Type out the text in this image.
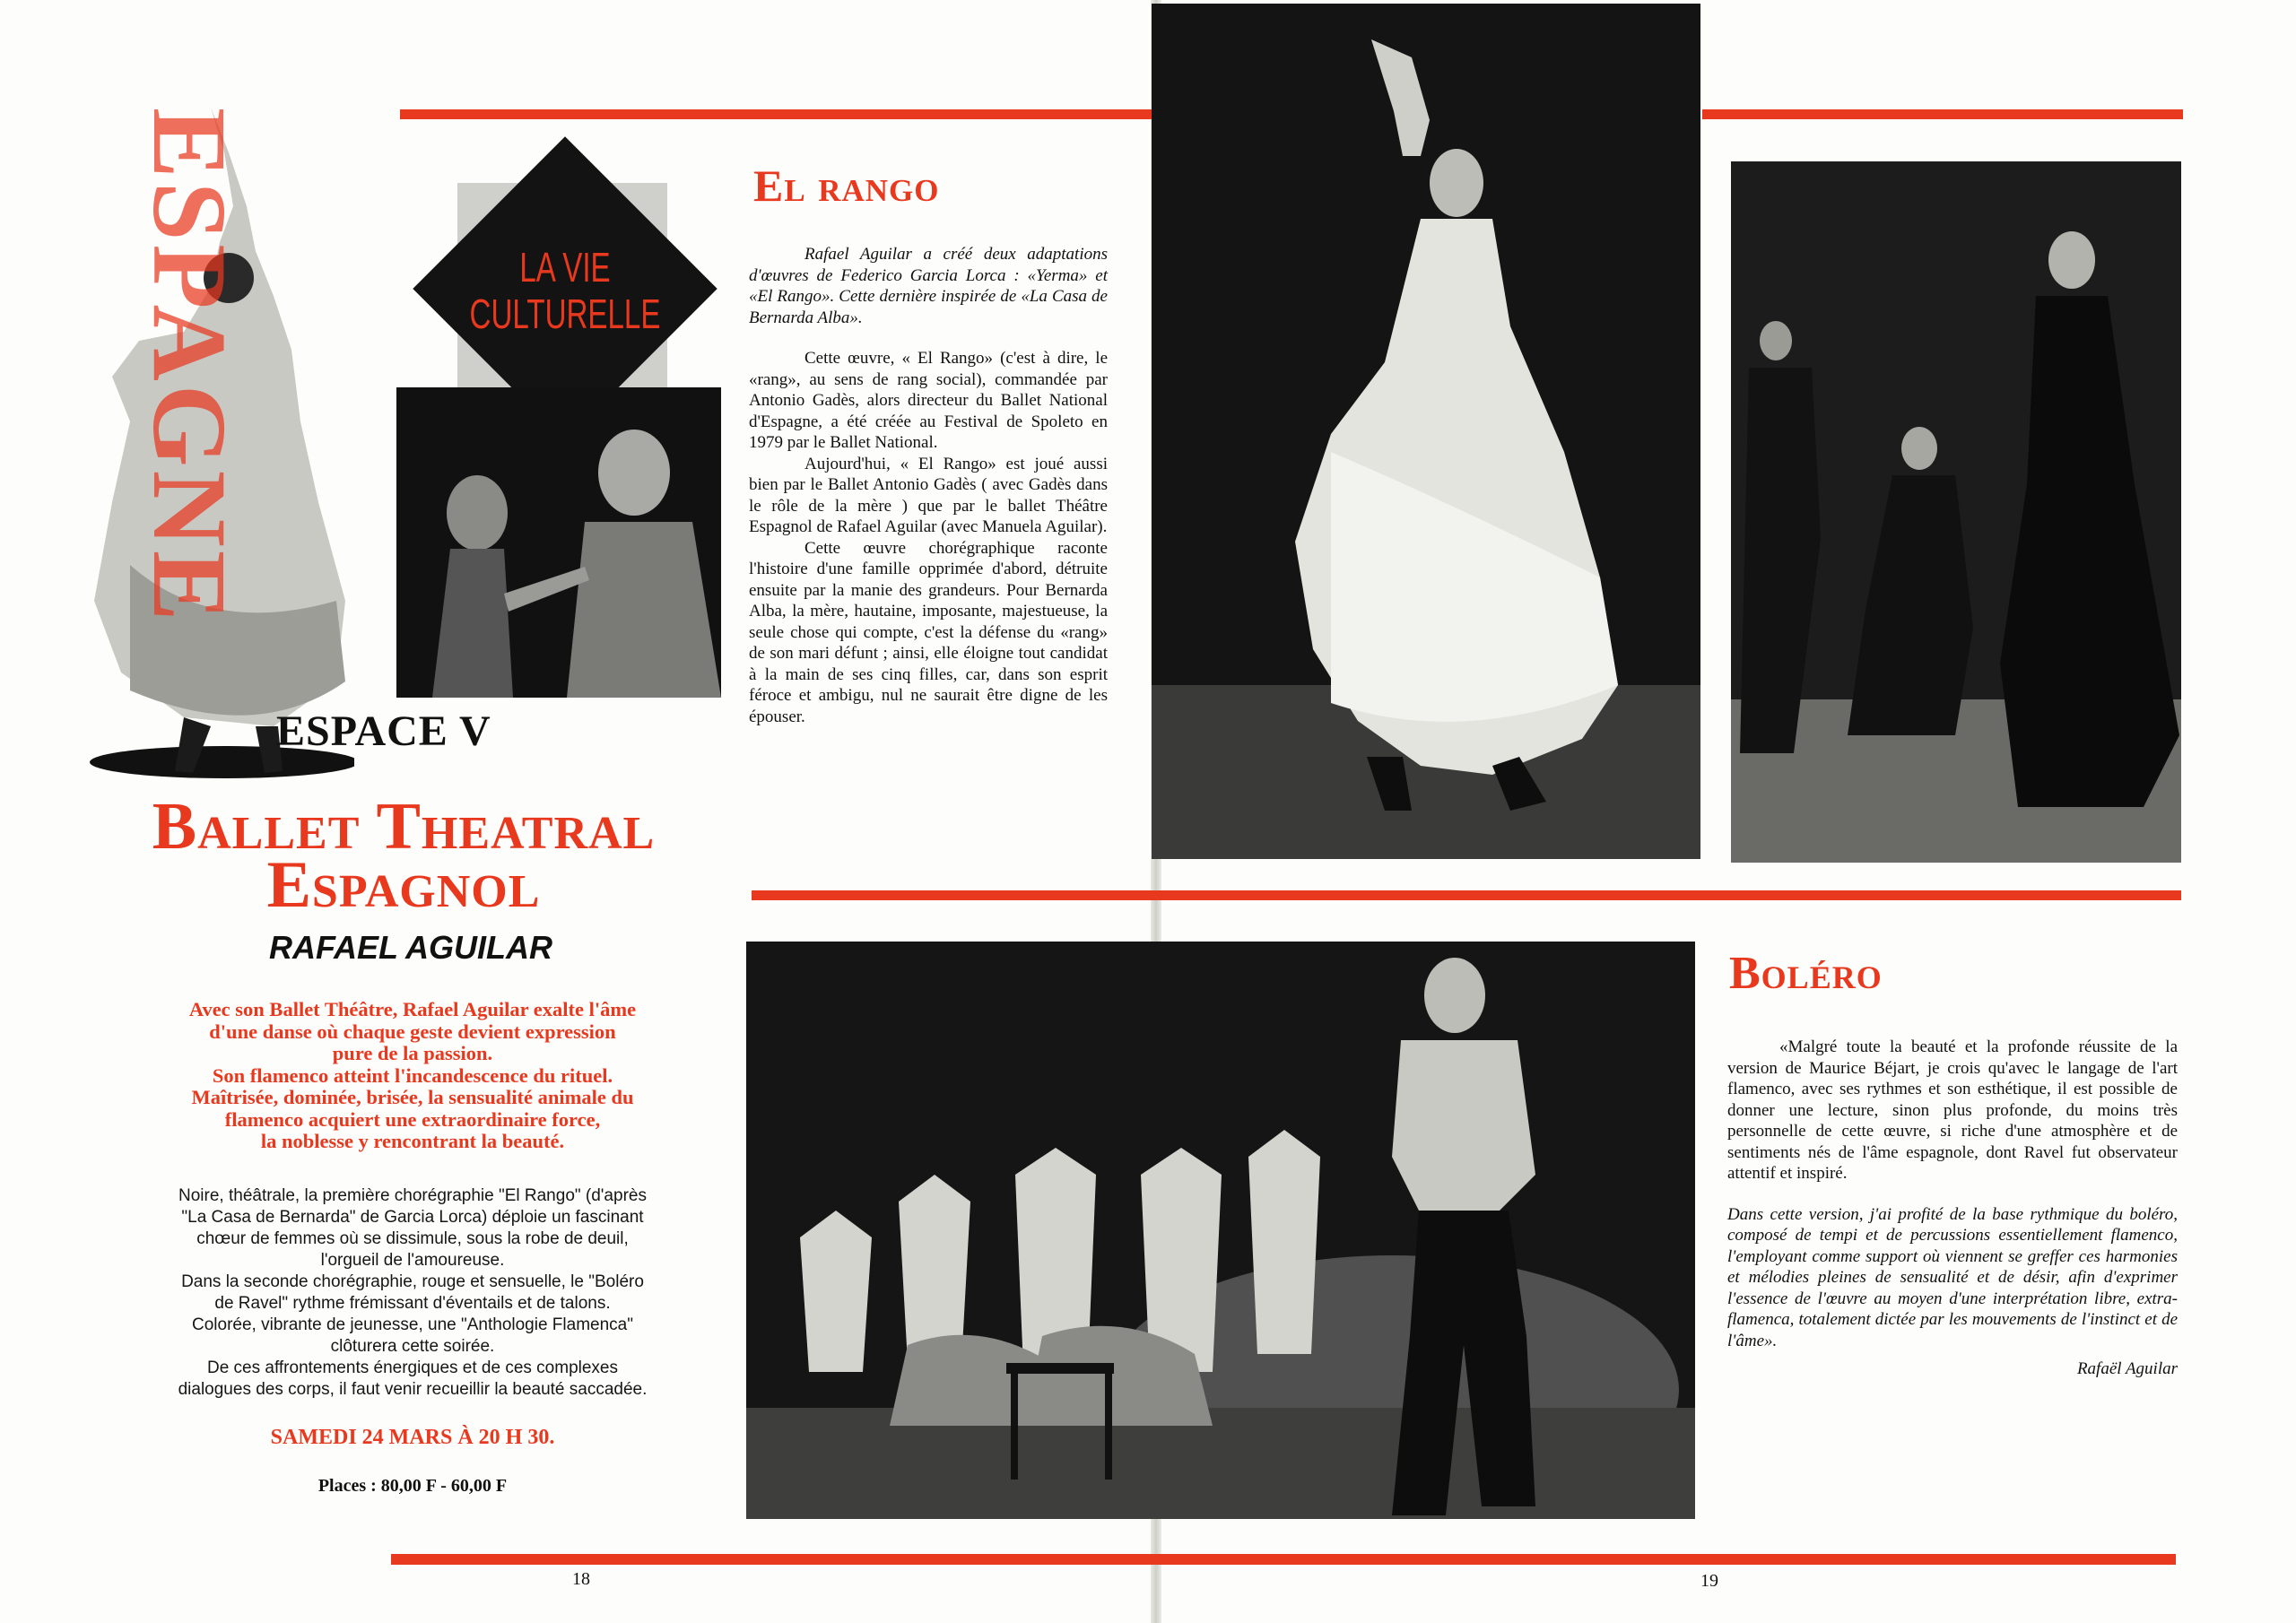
ESPAGNE	LA VIE
CULTURELLE
ESPACE V
Ballet Theatral
Espagnol
RAFAEL AGUILAR
Avec son Ballet Théâtre, Rafael Aguilar exalte l'âme
d'une danse où chaque geste devient expression
pure de la passion.
Son flamenco atteint l'incandescence du rituel.
Maîtrisée, dominée, brisée, la sensualité animale du
flamenco acquiert une extraordinaire force,
la noblesse y rencontrant la beauté.
Noire, théâtrale, la première chorégraphie "El Rango" (d'après
"La Casa de Bernarda" de Garcia Lorca) déploie un fascinant
chœur de femmes où se dissimule, sous la robe de deuil,
l'orgueil de l'amoureuse.
Dans la seconde chorégraphie, rouge et sensuelle, le "Boléro
de Ravel" rythme frémissant d'éventails et de talons.
Colorée, vibrante de jeunesse, une "Anthologie Flamenca"
clôturera cette soirée.
De ces affrontements énergiques et de ces complexes
dialogues des corps, il faut venir recueillir la beauté saccadée.
SAMEDI 24 MARS À 20 H 30.
Places : 80,00 F - 60,00 F
18
El rango

Rafael Aguilar a créé deux adaptations d'œuvres de Federico Garcia Lorca : «Yerma» et «El Rango». Cette dernière inspirée de «La Casa de Bernarda Alba».

Cette œuvre, « El Rango» (c'est à dire, le «rang», au sens de rang social), commandée par Antonio Gadès, alors directeur du Ballet National d'Espagne, a été créée au Festival de Spoleto en 1979 par le Ballet National.

Aujourd'hui, « El Rango» est joué aussi bien par le Ballet Antonio Gadès ( avec Gadès dans le rôle de la mère ) que par le ballet Théâtre Espagnol de Rafael Aguilar (avec Manuela Aguilar).

Cette œuvre chorégraphique raconte l'histoire d'une famille opprimée d'abord, détruite ensuite par la manie des grandeurs. Pour Bernarda Alba, la mère, hautaine, imposante, majestueuse, la seule chose qui compte, c'est la défense du «rang» de son mari défunt ; ainsi, elle éloigne tout candidat à la main de ses cinq filles, car, dans son esprit féroce et ambigu, nul ne saurait être digne de les épouser.

Boléro

«Malgré toute la beauté et la profonde réussite de la version de Maurice Béjart, je crois qu'avec le langage de l'art flamenco, avec ses rythmes et son esthétique, il est possible de donner une lecture, sinon plus profonde, du moins très personnelle de cette œuvre, si riche d'une atmosphère et de sentiments nés de l'âme espagnole, dont Ravel fut observateur attentif et inspiré.

Dans cette version, j'ai profité de la base rythmique du boléro, composé de tempi et de percussions essentiellement flamenco, l'employant comme support où viennent se greffer ces harmonies et mélodies pleines de sensualité et de désir, afin d'exprimer l'essence de l'œuvre au moyen d'une interprétation libre, extra-flamenca, totalement dictée par les mouvements de l'instinct et de l'âme».

Rafaël Aguilar

19
